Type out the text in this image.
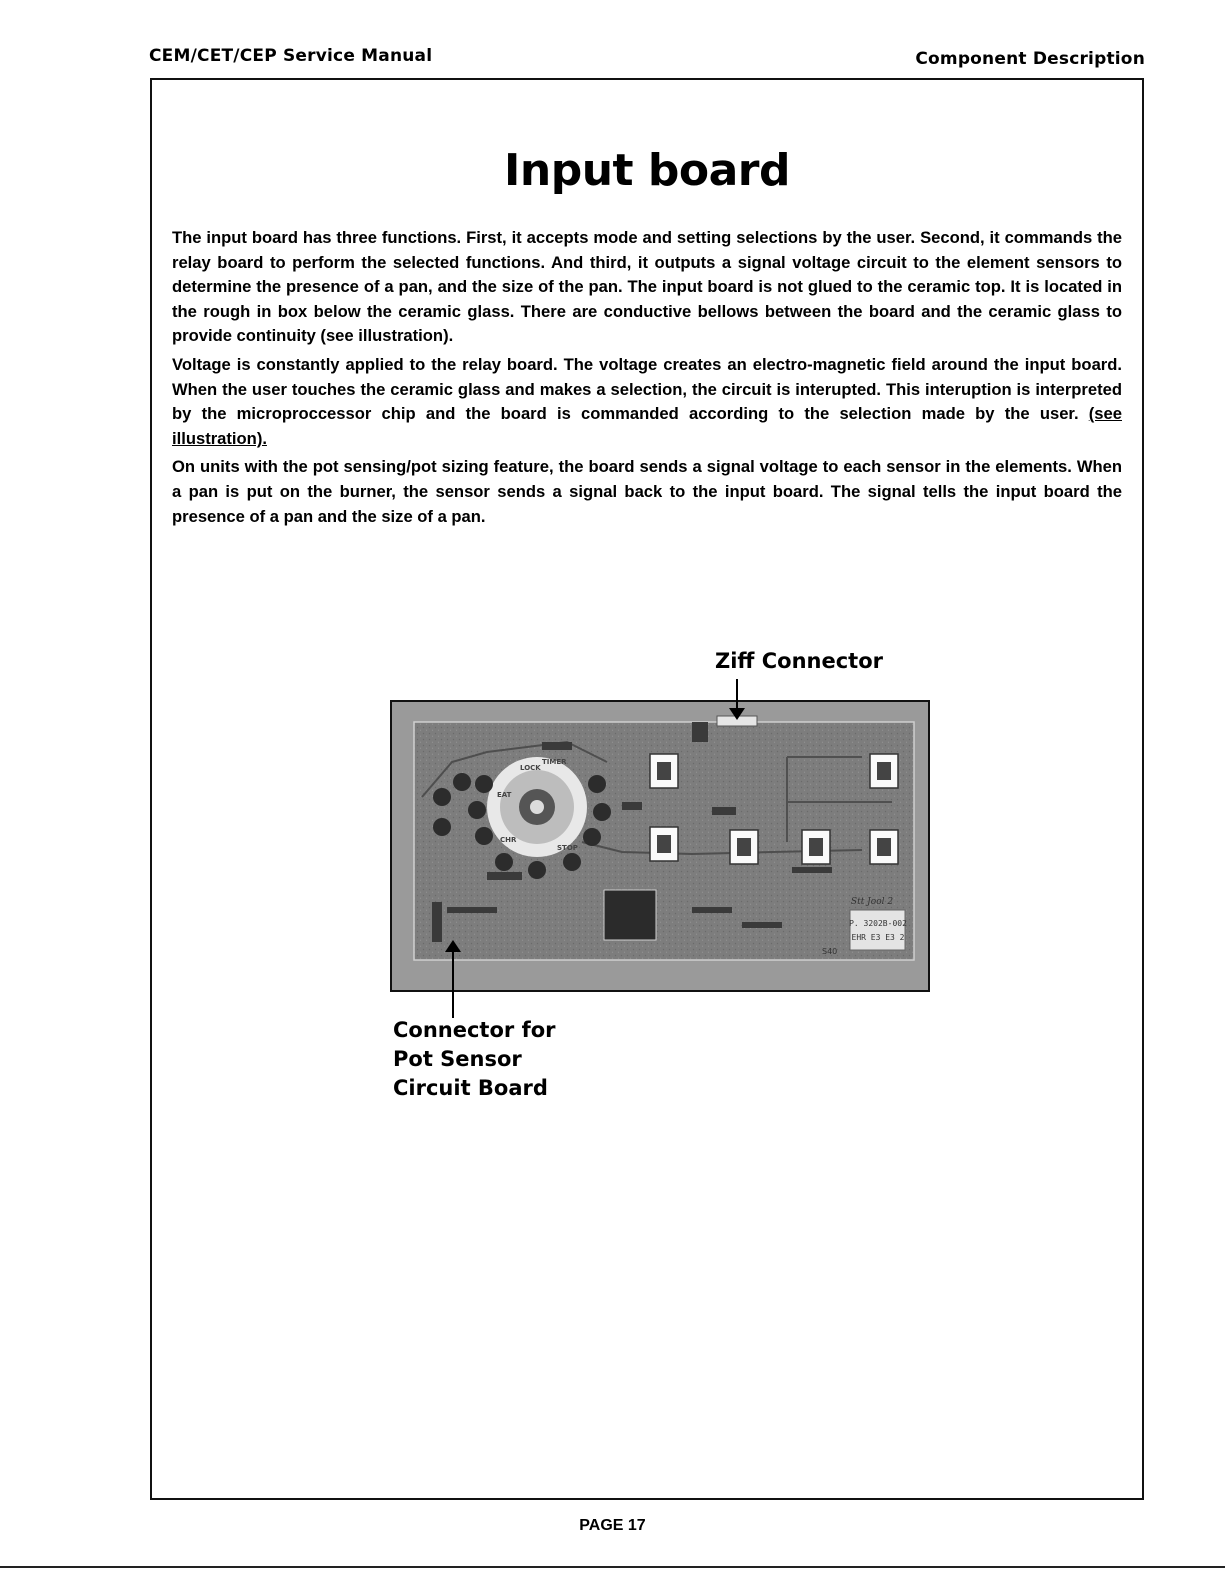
CEM/CET/CEP Service Manual	Component Description
Input board

The input board has three functions. First, it accepts mode and setting selections by the user. Second, it commands the relay board to perform the selected functions. And third, it outputs a signal voltage circuit to the element sensors to determine the presence of a pan, and the size of the pan. The input board is not glued to the ceramic top. It is located in the rough in box below the ceramic glass. There are conductive bellows between the board and the ceramic glass to provide continuity (see illustration).

Voltage is constantly applied to the relay board. The voltage creates an electro-magnetic field around the input board. When the user touches the ceramic glass and makes a selection, the circuit is interupted. This interuption is interpreted by the microproccessor chip and the board is commanded according to the selection made by the user. (see illustration).

On units with the pot sensing/pot sizing feature, the board sends a signal voltage to each sensor in the elements. When a pan is put on the burner, the sensor sends a signal back to the input board. The signal tells the input board the presence of a pan and the size of a pan.

Ziff Connector
P. 3202B-002
EHR E3 E3 2
Stt Jool 2
S40
LOCK
TIMER
STOP
CHR
EAT
Connector for
Pot Sensor
Circuit Board
PAGE 17
